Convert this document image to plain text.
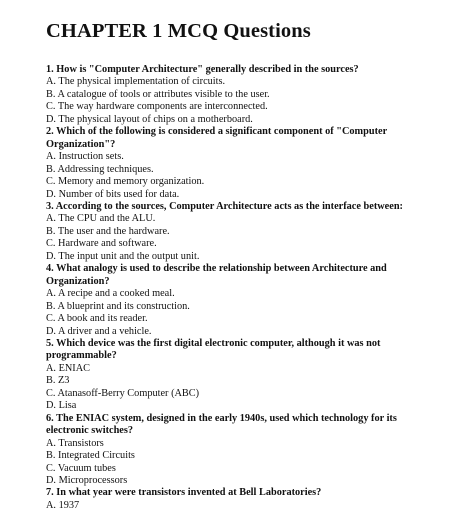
CHAPTER 1 MCQ Questions
1. How is "Computer Architecture" generally described in the sources?
A. The physical implementation of circuits.
B. A catalogue of tools or attributes visible to the user.
C. The way hardware components are interconnected.
D. The physical layout of chips on a motherboard.
2. Which of the following is considered a significant component of "Computer Organization"?
A. Instruction sets.
B. Addressing techniques.
C. Memory and memory organization.
D. Number of bits used for data.
3. According to the sources, Computer Architecture acts as the interface between:
A. The CPU and the ALU.
B. The user and the hardware.
C. Hardware and software.
D. The input unit and the output unit.
4. What analogy is used to describe the relationship between Architecture and Organization?
A. A recipe and a cooked meal.
B. A blueprint and its construction.
C. A book and its reader.
D. A driver and a vehicle.
5. Which device was the first digital electronic computer, although it was not programmable?
A. ENIAC
B. Z3
C. Atanasoff-Berry Computer (ABC)
D. Lisa
6. The ENIAC system, designed in the early 1940s, used which technology for its electronic switches?
A. Transistors
B. Integrated Circuits
C. Vacuum tubes
D. Microprocessors
7. In what year were transistors invented at Bell Laboratories?
A. 1937
